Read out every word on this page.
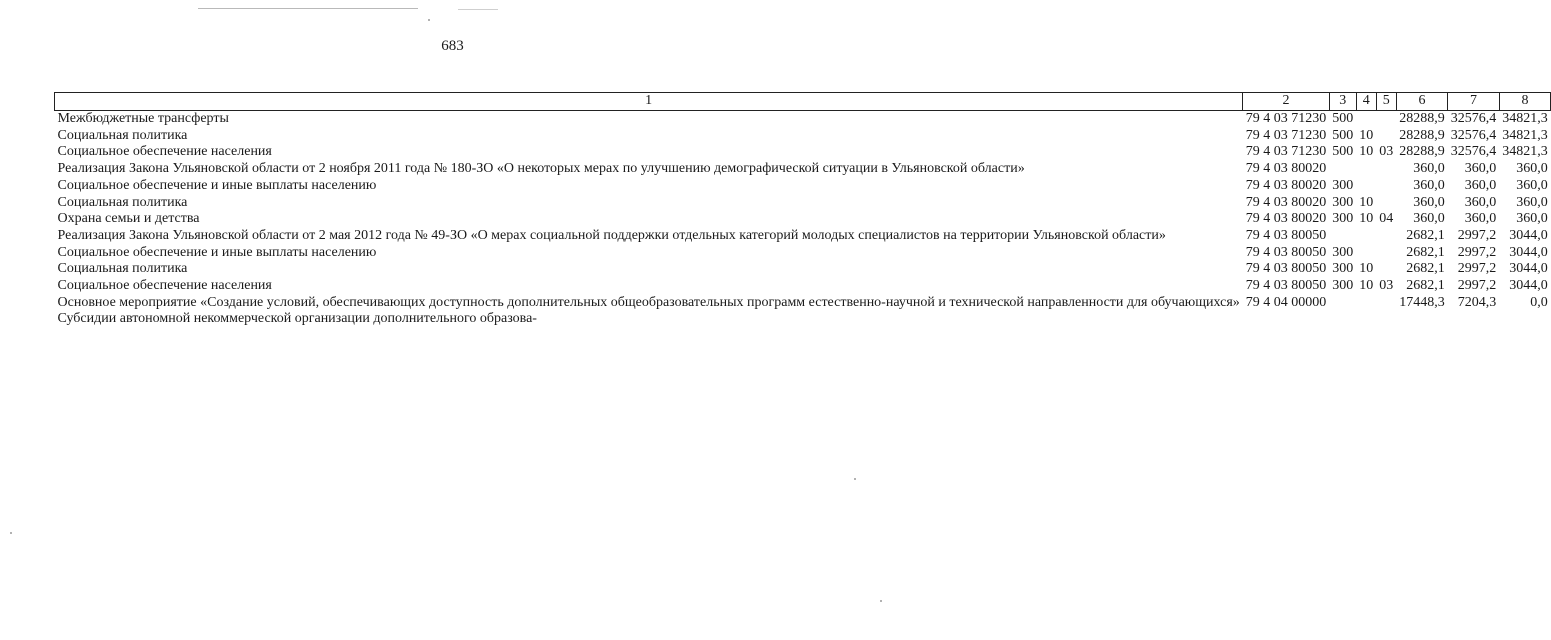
683
1	2	3	4	5	6	7	8
Межбюджетные трансферты	79 4 03 71230	500			28288,9	32576,4	34821,3
Социальная политика	79 4 03 71230	500	10		28288,9	32576,4	34821,3
Социальное обеспечение населения	79 4 03 71230	500	10	03	28288,9	32576,4	34821,3
Реализация Закона Ульяновской области от 2 ноября 2011 года № 180-ЗО «О некоторых мерах по улучшению демографической ситуации в Ульяновской области»	79 4 03 80020				360,0	360,0	360,0
Социальное обеспечение и иные выплаты населению	79 4 03 80020	300			360,0	360,0	360,0
Социальная политика	79 4 03 80020	300	10		360,0	360,0	360,0
Охрана семьи и детства	79 4 03 80020	300	10	04	360,0	360,0	360,0
Реализация Закона Ульяновской области от 2 мая 2012 года № 49-ЗО «О мерах социальной поддержки отдельных категорий молодых специалистов на территории Ульяновской области»	79 4 03 80050				2682,1	2997,2	3044,0
Социальное обеспечение и иные выплаты населению	79 4 03 80050	300			2682,1	2997,2	3044,0
Социальная политика	79 4 03 80050	300	10		2682,1	2997,2	3044,0
Социальное обеспечение населения	79 4 03 80050	300	10	03	2682,1	2997,2	3044,0
Основное мероприятие «Создание условий, обеспечивающих доступность дополнительных общеобразовательных программ естественно-научной и технической направленности для обучающихся»	79 4 04 00000				17448,3	7204,3	0,0
Субсидии автономной некоммерческой организации дополнительного образова-							
